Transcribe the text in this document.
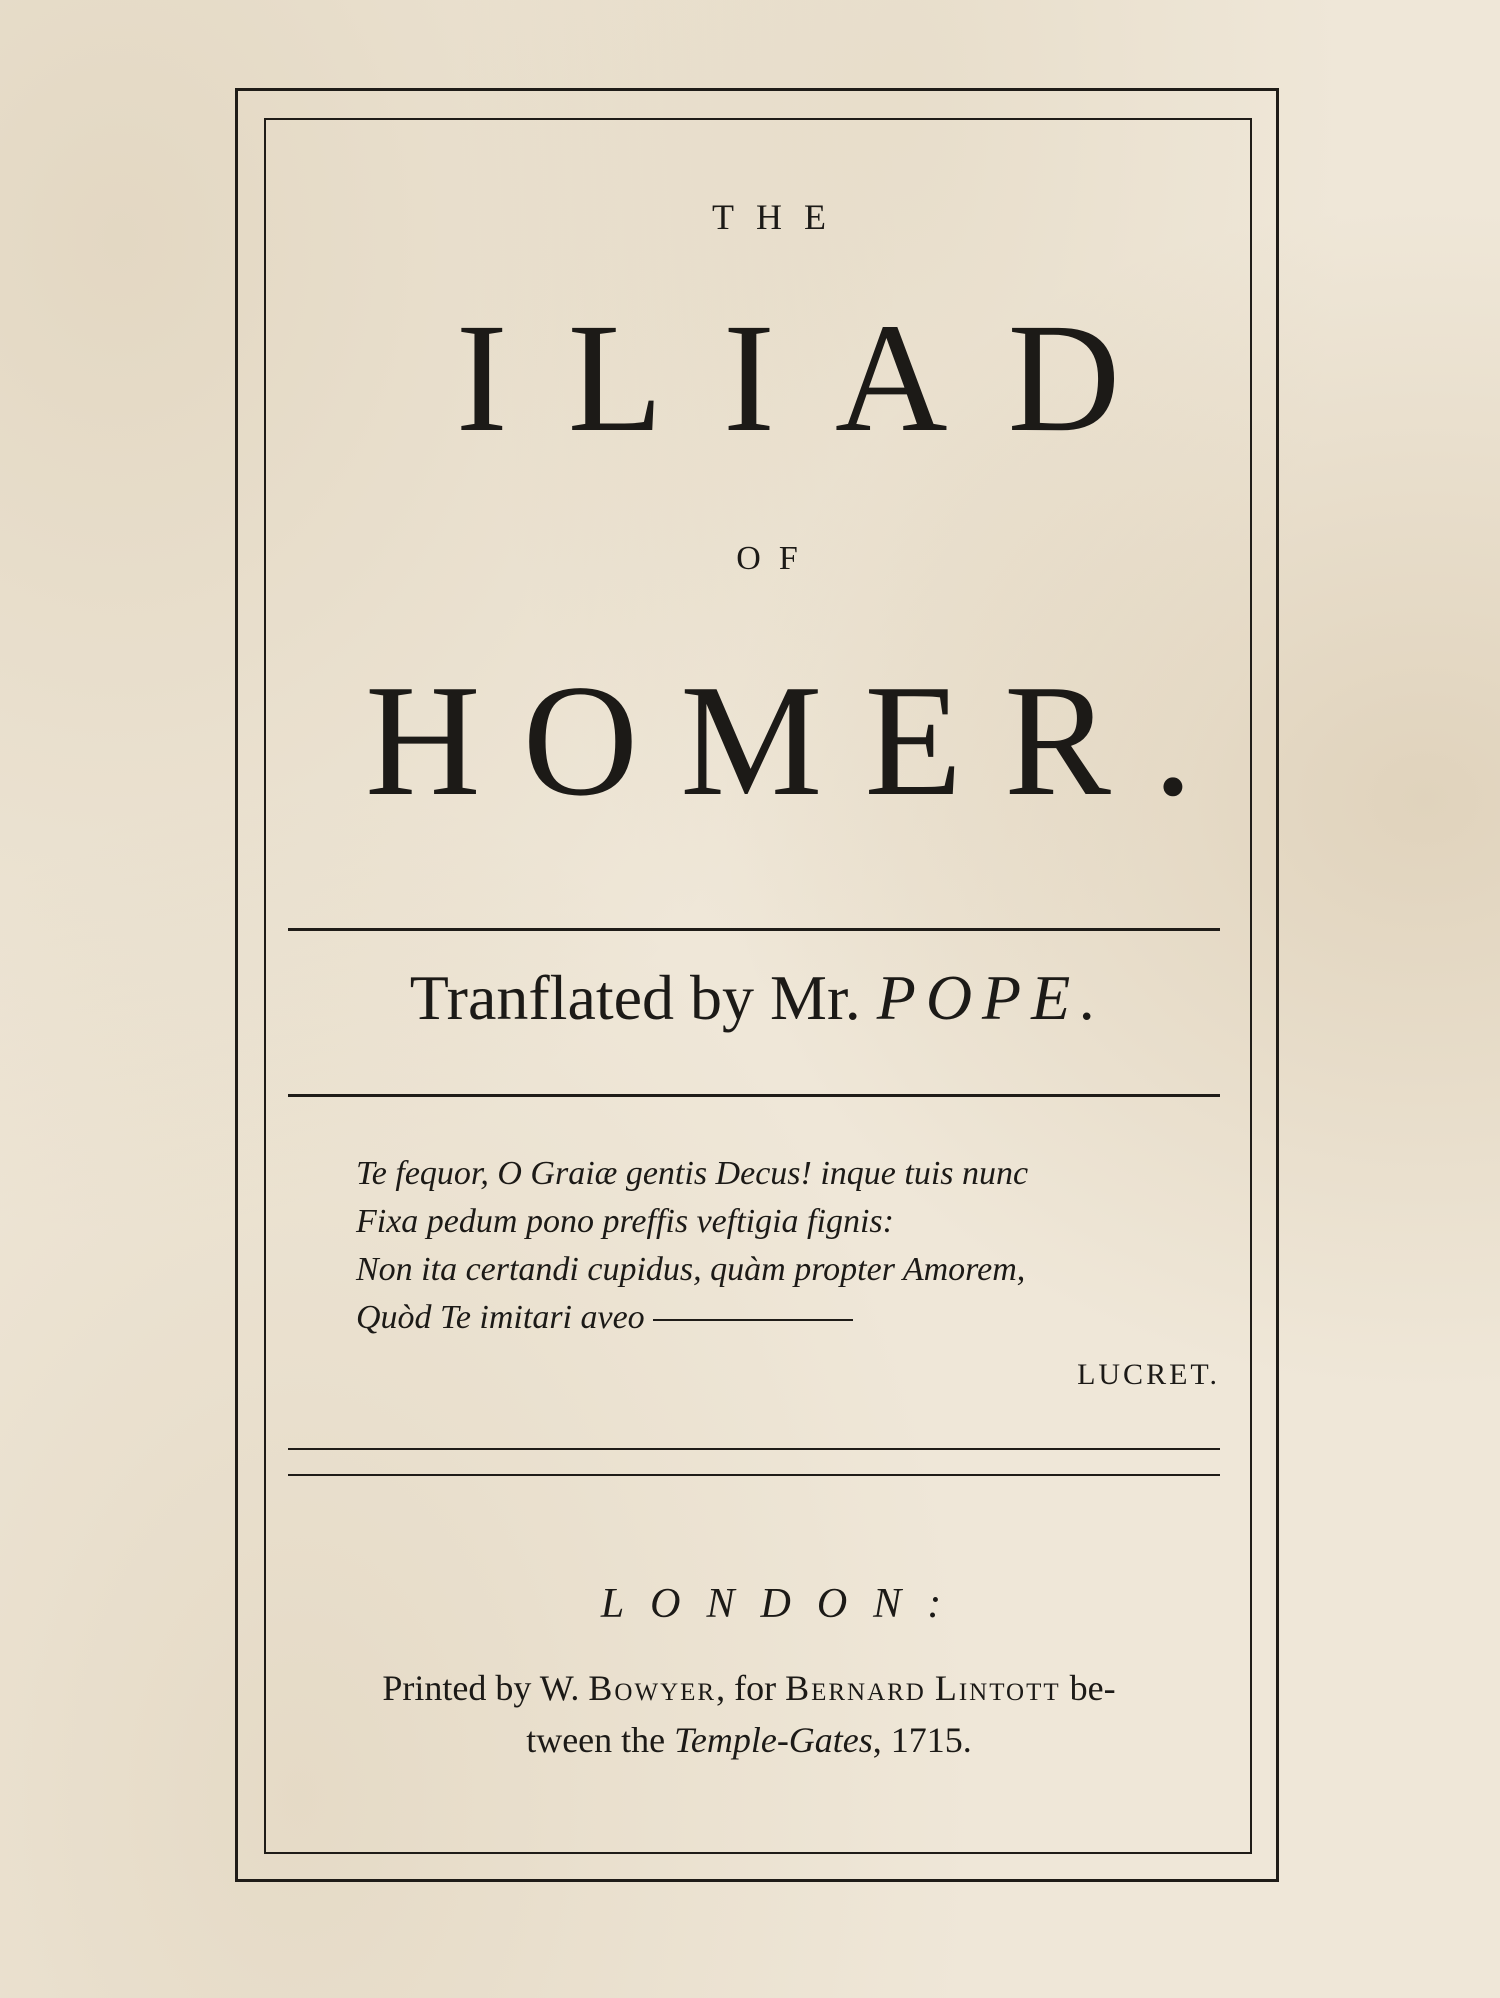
THE
ILIAD
OF
HOMER.
Tranflated by Mr. POPE.
Te fequor, O Graiæ gentis Decus! inque tuis nunc
Fixa pedum pono preffis veftigia fignis:
Non ita certandi cupidus, quàm propter Amorem,
Quòd Te imitari aveo
LUCRET.
LONDON:
Printed by W. Bowyer, for Bernard Lintott be-
tween the Temple-Gates, 1715.
